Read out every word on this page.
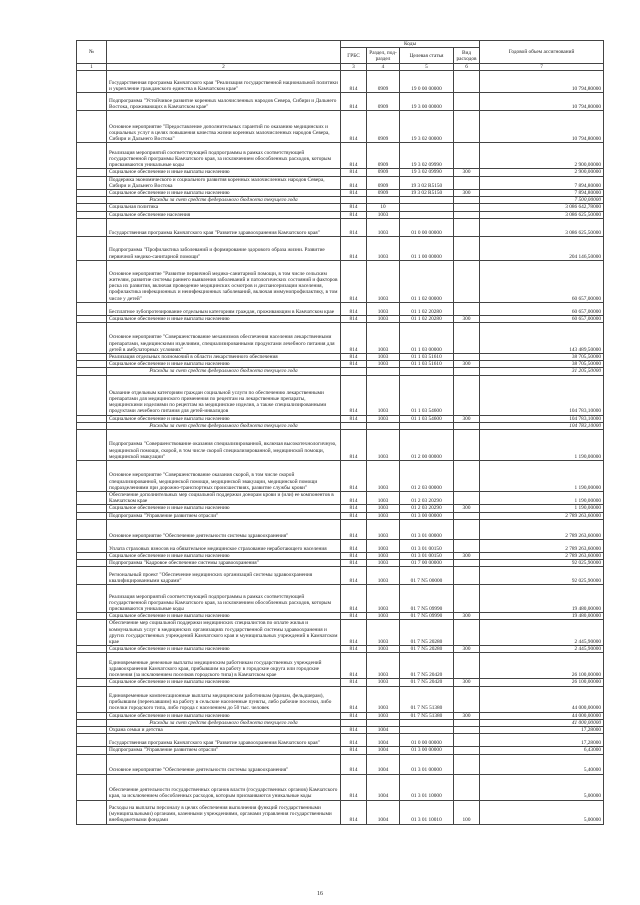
№		Коды				Годовой объем ассигнований
		ГРБС	Раздел, под-раздел	Целевая статья	Вид расходов	
1	2	3	4	5	6	7
	Государственная программа Камчатского края "Реализация государственной национальной политики и укрепление гражданского единства в Камчатском крае"	814	0909	19 0 00 00000		10 794,80000
	Подпрограмма "Устойчивое развитие коренных малочисленных народов Севера, Сибири и Дальнего Востока, проживающих в Камчатском крае"	814	0909	19 3 00 00000		10 794,80000
	Основное мероприятие "Предоставление дополнительных гарантий по оказанию медицинских и социальных услуг в целях повышения качества жизни коренных малочисленных народов Севера, Сибири и Дальнего Востока"	814	0909	19 3 02 00000		10 794,80000
	Реализация мероприятий соответствующей подпрограммы в рамках соответствующей государственной программы Камчатского края, за исключением обособленных расходов, которым присваиваются уникальные коды	814	0909	19 3 02 09990		2 900,00000
	Социальное обеспечение и иные выплаты населению	814	0909	19 3 02 09990	300	2 900,00000
	Поддержка экономического и социального развития коренных малочисленных народов Севера, Сибири и Дальнего Востока	814	0909	19 3 02 R5150		7 894,80000
	Социальное обеспечение и иные выплаты населению	814	0909	19 3 02 R5150	300	7 894,80000
	Расходы за счет средств федерального бюджета текущего года					7 500,00000
	Социальная политика	814	10			3 086 642,78000
	Социальное обеспечение населения	814	1003			3 086 625,50000
	Государственная программа Камчатского края "Развитие здравоохранения Камчатского края"	814	1003	01 0 00 00000		3 086 625,50000
	Подпрограмма "Профилактика заболеваний и формирование здорового образа жизни. Развитие первичной медико-санитарной помощи"	814	1003	01 1 00 00000		204 146,50000
	Основное мероприятие "Развитие первичной медико-санитарной помощи, в том числе сельским жителям, развитие системы раннего выявления заболеваний и патологических состояний и факторов риска их развития, включая проведение медицинских осмотров и диспансеризации населения, профилактика инфекционных и неинфекционных заболеваний, включая иммунопрофилактику, в том числе у детей"	814	1003	01 1 02 00000		60 657,00000
	Бесплатное зубопротезирование отдельным категориям граждан, проживающим в Камчатском крае	814	1003	01 1 02 20280		60 657,00000
	Социальное обеспечение и иные выплаты населению	814	1003	01 1 02 20280	300	60 657,00000
	Основное мероприятие "Совершенствование механизмов обеспечения населения лекарственными препаратами, медицинскими изделиями, специализированными продуктами лечебного питания для детей в амбулаторных условиях"	814	1003	01 1 03 00000		143 489,50000
	Реализация отдельных полномочий в области лекарственного обеспечения	814	1003	01 1 03 51610		38 705,50000
	Социальное обеспечение и иные выплаты населению	814	1003	01 1 03 51610	300	38 705,50000
	Расходы за счет средств федерального бюджета текущего года					31 205,50000
	Оказание отдельным категориям граждан социальной услуги по обеспечению лекарственными препаратами для медицинского применения по рецептам на лекарственные препараты, медицинскими изделиями по рецептам на медицинские изделия, а также специализированными продуктами лечебного питания для детей-инвалидов	814	1003	01 1 03 54600		104 783,10000
	Социальное обеспечение и иные выплаты населению	814	1003	01 1 03 54600	300	104 783,10000
	Расходы за счет средств федерального бюджета текущего года					104 783,10000
	Подпрограмма "Совершенствование оказания специализированной, включая высокотехнологичную, медицинской помощи, скорой, в том числе скорой специализированной, медицинской помощи, медицинской эвакуации"	814	1003	01 2 00 00000		1 190,00000
	Основное мероприятие "Совершенствование оказания скорой, в том числе скорой специализированной, медицинской помощи, медицинской эвакуации, медицинской помощи подразделениями при дорожно-транспортных происшествиях, развитие службы крови"	814	1003	01 2 03 00000		1 190,00000
	Обеспечение дополнительных мер социальной поддержки донорам крови и (или) ее компонентов в Камчатском крае	814	1003	01 2 03 20290		1 190,00000
	Социальное обеспечение и иные выплаты населению	814	1003	01 2 03 20290	300	1 190,00000
	Подпрограмма "Управление развитием отрасли"	814	1003	01 3 00 00000		2 789 263,60000
	Основное мероприятие "Обеспечение деятельности системы здравоохранения"	814	1003	01 3 01 00000		2 789 263,60000
	Уплата страховых взносов на обязательное медицинское страхование неработающего населения	814	1003	01 3 01 00150		2 789 263,60000
	Социальное обеспечение и иные выплаты населению	814	1003	01 3 01 00150	300	2 789 263,60000
	Подпрограмма "Кадровое обеспечение системы здравоохранения"	814	1003	01 7 00 00000		92 025,90000
	Региональный проект "Обеспечение медицинских организаций системы здравоохранения квалифицированными кадрами"	814	1003	01 7 N5 00000		92 025,90000
	Реализация мероприятий соответствующей подпрограммы в рамках соответствующей государственной программы Камчатского края, за исключением обособленных расходов, которым присваиваются уникальные коды	814	1003	01 7 N5 09990		19 480,00000
	Социальное обеспечение и иные выплаты населению	814	1003	01 7 N5 09990	300	19 480,00000
	Обеспечение мер социальной поддержки медицинских специалистов по оплате жилья и коммунальных услуг в медицинских организациях государственной системы здравоохранения и других государственных учреждений Камчатского края и муниципальных учреждений в Камчатском крае	814	1003	01 7 N5 20280		2 445,90000
	Социальное обеспечение и иные выплаты населению	814	1003	01 7 N5 20280	300	2 445,90000
	Единовременные денежные выплаты медицинским работникам государственных учреждений здравоохранения Камчатского края, прибывшим на работу в городские округа или городские поселения (за исключением поселков городского типа) в Камчатском крае	814	1003	01 7 N5 20420		26 100,00000
	Социальное обеспечение и иные выплаты населению	814	1003	01 7 N5 20420	300	26 100,00000
	Единовременные компенсационные выплаты медицинским работникам (врачам, фельдшерам), прибывшим (переехавшим) на работу в сельские населенные пункты, либо рабочие поселки, либо поселки городского типа, либо города с населением до 50 тыс. человек	814	1003	01 7 N5 51380		44 000,00000
	Социальное обеспечение и иные выплаты населению	814	1003	01 7 N5 51380	300	44 000,00000
	Расходы за счет средств федерального бюджета текущего года					41 000,00000
	Охрана семьи и детства	814	1004			17,28000
	Государственная программа Камчатского края "Развитие здравоохранения Камчатского края"	814	1004	01 0 00 00000		17,28000
	Подпрограмма "Управление развитием отрасли"	814	1004	01 3 00 00000		6,43000
	Основное мероприятие "Обеспечение деятельности системы здравоохранения"	814	1004	01 3 01 00000		5,40000
	Обеспечение деятельности государственных органов власти (государственных органов) Камчатского края, за исключением обособленных расходов, которым присваиваются уникальные коды	814	1004	01 3 01 10000		5,00000
	Расходы на выплаты персоналу в целях обеспечения выполнения функций государственными (муниципальными) органами, казенными учреждениями, органами управления государственными внебюджетными фондами	814	1004	01 3 01 10010	100	5,00000
16
